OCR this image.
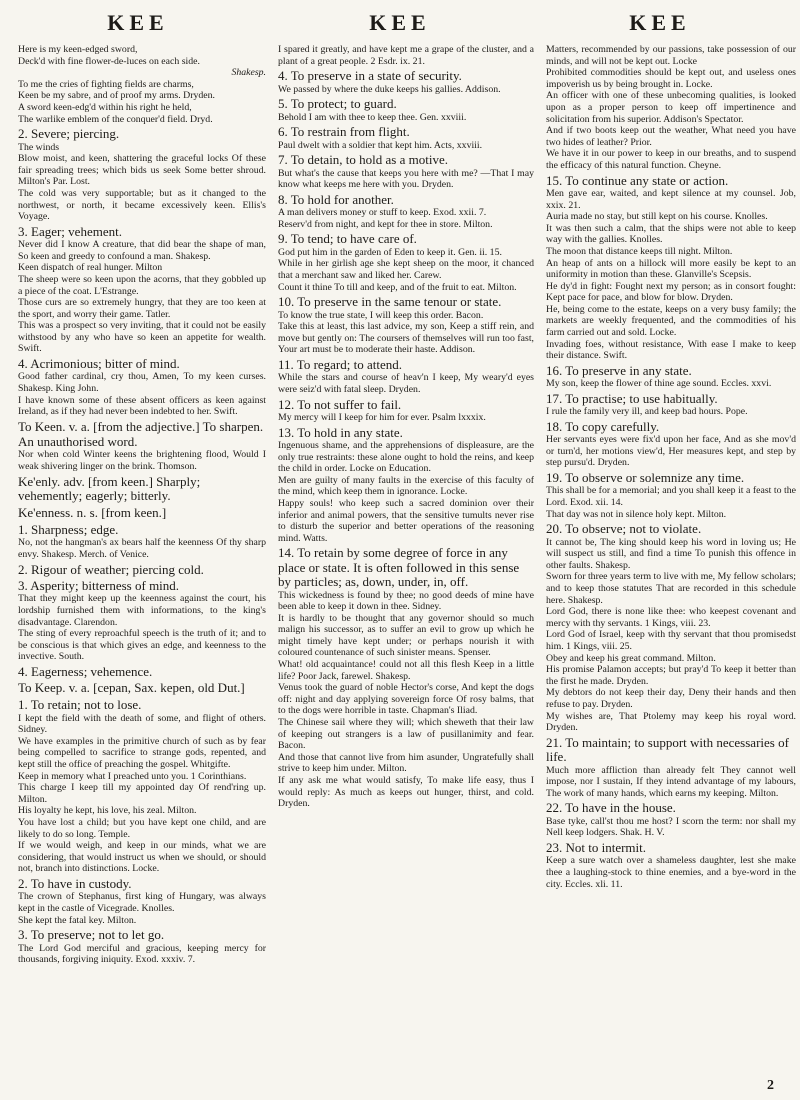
KEE	KEE	KEE

Here is my keen-edged sword,

Deck'd with fine flower-de-luces on each side.

Shakesp.

To me the cries of fighting fields are charms,

Keen be my sabre, and of proof my arms. Dryden.

A sword keen-edg'd within his right he held,

The warlike emblem of the conquer'd field. Dryd.

2. Severe; piercing.

The winds

Blow moist, and keen, shattering the graceful locks Of these fair spreading trees; which bids us seek Some better shroud. Milton's Par. Lost.

The cold was very supportable; but as it changed to the northwest, or north, it became excessively keen. Ellis's Voyage.

3. Eager; vehement.

Never did I know A creature, that did bear the shape of man, So keen and greedy to confound a man. Shakesp.

Keen dispatch of real hunger. Milton

The sheep were so keen upon the acorns, that they gobbled up a piece of the coat. L'Estrange.

Those curs are so extremely hungry, that they are too keen at the sport, and worry their game. Tatler.

This was a prospect so very inviting, that it could not be easily withstood by any who have so keen an appetite for wealth. Swift.

4. Acrimonious; bitter of mind.

Good father cardinal, cry thou, Amen, To my keen curses. Shakesp. King John.

I have known some of these absent officers as keen against Ireland, as if they had never been indebted to her. Swift.

To Keen. v. a. [from the adjective.] To sharpen. An unauthorised word.

Nor when cold Winter keens the brightening flood, Would I weak shivering linger on the brink. Thomson.

Ke'enly. adv. [from keen.] Sharply; vehemently; eagerly; bitterly.

Ke'enness. n. s. [from keen.]

1. Sharpness; edge.

No, not the hangman's ax bears half the keenness Of thy sharp envy. Shakesp. Merch. of Venice.

2. Rigour of weather; piercing cold.

3. Asperity; bitterness of mind.

That they might keep up the keenness against the court, his lordship furnished them with informations, to the king's disadvantage. Clarendon.

The sting of every reproachful speech is the truth of it; and to be conscious is that which gives an edge, and keenness to the invective. South.

4. Eagerness; vehemence.

To Keep. v. a. [cepan, Sax. kepen, old Dut.]

1. To retain; not to lose.

I kept the field with the death of some, and flight of others. Sidney.

We have examples in the primitive church of such as by fear being compelled to sacrifice to strange gods, repented, and kept still the office of preaching the gospel. Whitgifte.

Keep in memory what I preached unto you. 1 Corinthians.

This charge I keep till my appointed day Of rend'ring up. Milton.

His loyalty he kept, his love, his zeal. Milton.

You have lost a child; but you have kept one child, and are likely to do so long. Temple.

If we would weigh, and keep in our minds, what we are considering, that would instruct us when we should, or should not, branch into distinctions. Locke.

2. To have in custody.

The crown of Stephanus, first king of Hungary, was always kept in the castle of Vicegrade. Knolles.

She kept the fatal key. Milton.

3. To preserve; not to let go.

The Lord God merciful and gracious, keeping mercy for thousands, forgiving iniquity. Exod. xxxiv. 7.

I spared it greatly, and have kept me a grape of the cluster, and a plant of a great people. 2 Esdr. ix. 21.

4. To preserve in a state of security.

We passed by where the duke keeps his gallies. Addison.

5. To protect; to guard.

Behold I am with thee to keep thee. Gen. xxviii.

6. To restrain from flight.

Paul dwelt with a soldier that kept him. Acts, xxviii.

7. To detain, to hold as a motive.

But what's the cause that keeps you here with me? —That I may know what keeps me here with you. Dryden.

8. To hold for another.

A man delivers money or stuff to keep. Exod. xxii. 7.

Reserv'd from night, and kept for thee in store. Milton.

9. To tend; to have care of.

God put him in the garden of Eden to keep it. Gen. ii. 15.

While in her girlish age she kept sheep on the moor, it chanced that a merchant saw and liked her. Carew.

Count it thine To till and keep, and of the fruit to eat. Milton.

10. To preserve in the same tenour or state.

To know the true state, I will keep this order. Bacon.

Take this at least, this last advice, my son, Keep a stiff rein, and move but gently on: The coursers of themselves will run too fast, Your art must be to moderate their haste. Addison.

11. To regard; to attend.

While the stars and course of heav'n I keep, My weary'd eyes were seiz'd with fatal sleep. Dryden.

12. To not suffer to fail.

My mercy will I keep for him for ever. Psalm lxxxix.

13. To hold in any state.

Ingenuous shame, and the apprehensions of displeasure, are the only true restraints: these alone ought to hold the reins, and keep the child in order. Locke on Education.

Men are guilty of many faults in the exercise of this faculty of the mind, which keep them in ignorance. Locke.

Happy souls! who keep such a sacred dominion over their inferior and animal powers, that the sensitive tumults never rise to disturb the superior and better operations of the reasoning mind. Watts.

14. To retain by some degree of force in any place or state. It is often followed in this sense by particles; as, down, under, in, off.

This wickedness is found by thee; no good deeds of mine have been able to keep it down in thee. Sidney.

It is hardly to be thought that any governor should so much malign his successor, as to suffer an evil to grow up which he might timely have kept under; or perhaps nourish it with coloured countenance of such sinister means. Spenser.

What! old acquaintance! could not all this flesh Keep in a little life? Poor Jack, farewel. Shakesp.

Venus took the guard of noble Hector's corse, And kept the dogs off: night and day applying sovereign force Of rosy balms, that to the dogs were horrible in taste. Chapman's Iliad.

The Chinese sail where they will; which sheweth that their law of keeping out strangers is a law of pusillanimity and fear. Bacon.

And those that cannot live from him asunder, Ungratefully shall strive to keep him under. Milton.

If any ask me what would satisfy, To make life easy, thus I would reply: As much as keeps out hunger, thirst, and cold. Dryden.

Matters, recommended by our passions, take possession of our minds, and will not be kept out. Locke

Prohibited commodities should be kept out, and useless ones impoverish us by being brought in. Locke.

An officer with one of these unbecoming qualities, is looked upon as a proper person to keep off impertinence and solicitation from his superior. Addison's Spectator.

And if two boots keep out the weather, What need you have two hides of leather? Prior.

We have it in our power to keep in our breaths, and to suspend the efficacy of this natural function. Cheyne.

15. To continue any state or action.

Men gave ear, waited, and kept silence at my counsel. Job, xxix. 21.

Auria made no stay, but still kept on his course. Knolles.

It was then such a calm, that the ships were not able to keep way with the gallies. Knolles.

The moon that distance keeps till night. Milton.

An heap of ants on a hillock will more easily be kept to an uniformity in motion than these. Glanville's Scepsis.

He dy'd in fight: Fought next my person; as in consort fought: Kept pace for pace, and blow for blow. Dryden.

He, being come to the estate, keeps on a very busy family; the markets are weekly frequented, and the commodities of his farm carried out and sold. Locke.

Invading foes, without resistance, With ease I make to keep their distance. Swift.

16. To preserve in any state.

My son, keep the flower of thine age sound. Eccles. xxvi.

17. To practise; to use habitually.

I rule the family very ill, and keep bad hours. Pope.

18. To copy carefully.

Her servants eyes were fix'd upon her face, And as she mov'd or turn'd, her motions view'd, Her measures kept, and step by step pursu'd. Dryden.

19. To observe or solemnize any time.

This shall be for a memorial; and you shall keep it a feast to the Lord. Exod. xii. 14.

That day was not in silence holy kept. Milton.

20. To observe; not to violate.

It cannot be, The king should keep his word in loving us; He will suspect us still, and find a time To punish this offence in other faults. Shakesp.

Sworn for three years term to live with me, My fellow scholars; and to keep those statutes That are recorded in this schedule here. Shakesp.

Lord God, there is none like thee: who keepest covenant and mercy with thy servants. 1 Kings, viii. 23.

Lord God of Israel, keep with thy servant that thou promisedst him. 1 Kings, viii. 25.

Obey and keep his great command. Milton.

His promise Palamon accepts; but pray'd To keep it better than the first he made. Dryden.

My debtors do not keep their day, Deny their hands and then refuse to pay. Dryden.

My wishes are, That Ptolemy may keep his royal word. Dryden.

21. To maintain; to support with necessaries of life.

Much more affliction than already felt They cannot well impose, nor I sustain, If they intend advantage of my labours, The work of many hands, which earns my keeping. Milton.

22. To have in the house.

Base tyke, call'st thou me host? I scorn the term: nor shall my Nell keep lodgers. Shak. H. V.

23. Not to intermit.

Keep a sure watch over a shameless daughter, lest she make thee a laughing-stock to thine enemies, and a bye-word in the city. Eccles. xli. 11.

2
